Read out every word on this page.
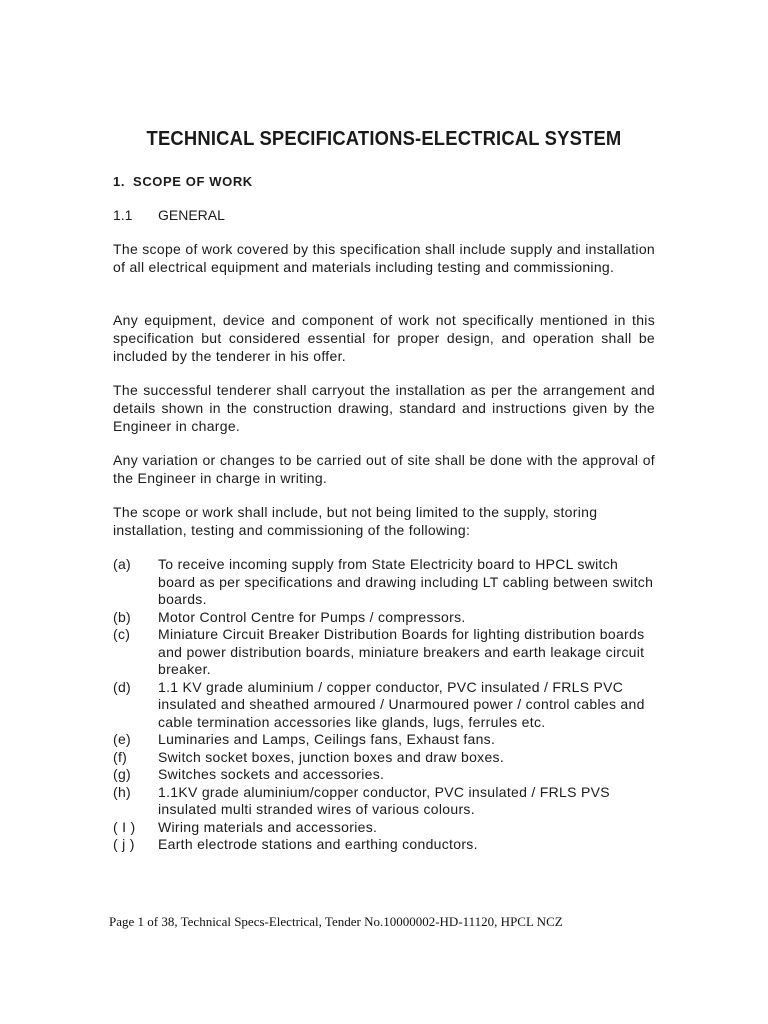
TECHNICAL SPECIFICATIONS-ELECTRICAL SYSTEM
1. SCOPE OF WORK
1.1 GENERAL

The scope of work covered by this specification shall include supply and installation of all electrical equipment and materials including testing and commissioning.

Any equipment, device and component of work not specifically mentioned in this specification but considered essential for proper design, and operation shall be included by the tenderer in his offer.

The successful tenderer shall carryout the installation as per the arrangement and details shown in the construction drawing, standard and instructions given by the Engineer in charge.

Any variation or changes to be carried out of site shall be done with the approval of the Engineer in charge in writing.

The scope or work shall include, but not being limited to the supply, storing installation, testing and commissioning of the following:

(a)	To receive incoming supply from State Electricity board to HPCL switch board as per specifications and drawing including LT cabling between switch boards.
(b)	Motor Control Centre for Pumps / compressors.
(c)	Miniature Circuit Breaker Distribution Boards for lighting distribution boards and power distribution boards, miniature breakers and earth leakage circuit breaker.
(d)	1.1 KV grade aluminium / copper conductor, PVC insulated / FRLS PVC insulated and sheathed armoured / Unarmoured power / control cables and cable termination accessories like glands, lugs, ferrules etc.
(e)	Luminaries and Lamps, Ceilings fans, Exhaust fans.
(f)	Switch socket boxes, junction boxes and draw boxes.
(g)	Switches sockets and accessories.
(h)	1.1KV grade aluminium/copper conductor, PVC insulated / FRLS PVS insulated multi stranded wires of various colours.
( I )	Wiring materials and accessories.
( j )	Earth electrode stations and earthing conductors.
Page 1 of 38, Technical Specs-Electrical, Tender No.10000002-HD-11120, HPCL NCZ
